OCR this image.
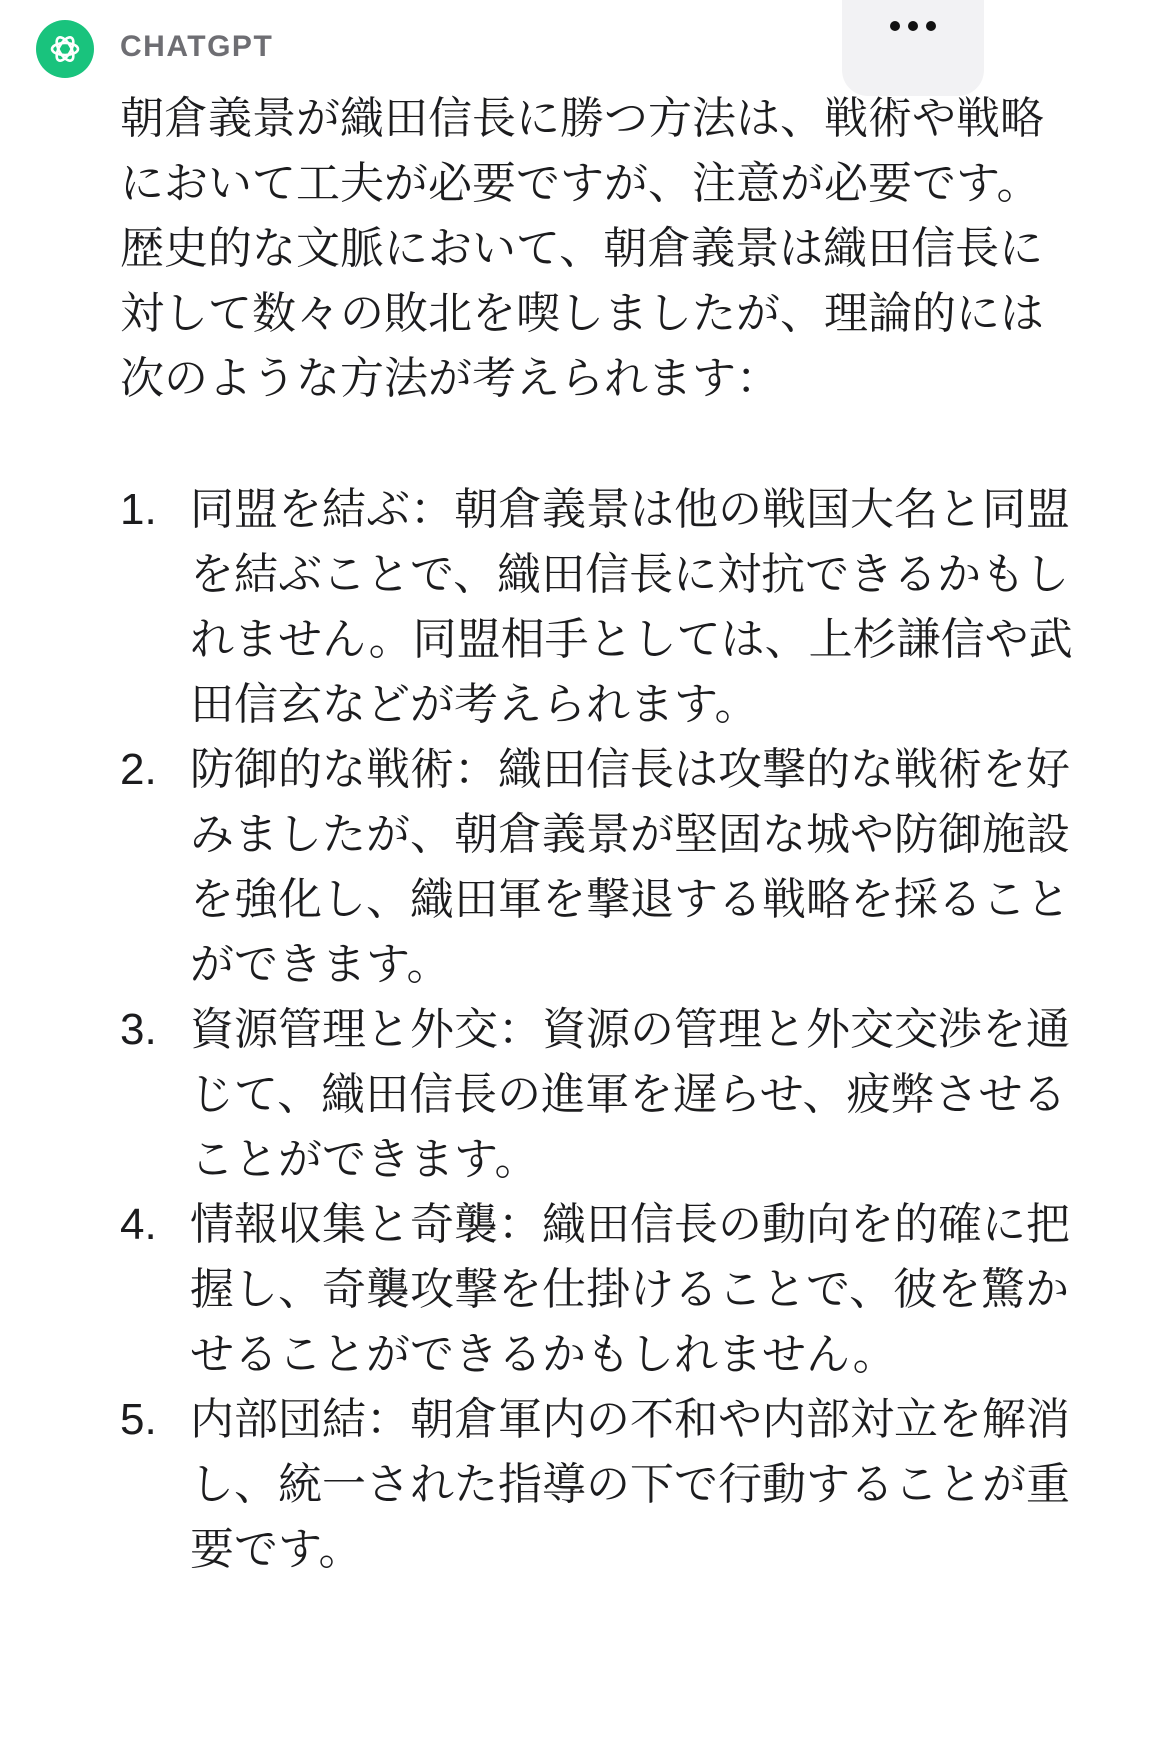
CHATGPT

朝倉義景が織田信長に勝つ方法は、戦術や戦略において工夫が必要ですが、注意が必要です。歴史的な文脈において、朝倉義景は織田信長に対して数々の敗北を喫しましたが、理論的には次のような方法が考えられます：

1. 同盟を結ぶ：朝倉義景は他の戦国大名と同盟を結ぶことで、織田信長に対抗できるかもしれません。同盟相手としては、上杉謙信や武田信玄などが考えられます。
2. 防御的な戦術：織田信長は攻撃的な戦術を好みましたが、朝倉義景が堅固な城や防御施設を強化し、織田軍を撃退する戦略を採ることができます。
3. 資源管理と外交：資源の管理と外交交渉を通じて、織田信長の進軍を遅らせ、疲弊させることができます。
4. 情報収集と奇襲：織田信長の動向を的確に把握し、奇襲攻撃を仕掛けることで、彼を驚かせることができるかもしれません。
5. 内部団結：朝倉軍内の不和や内部対立を解消し、統一された指導の下で行動することが重要です。
